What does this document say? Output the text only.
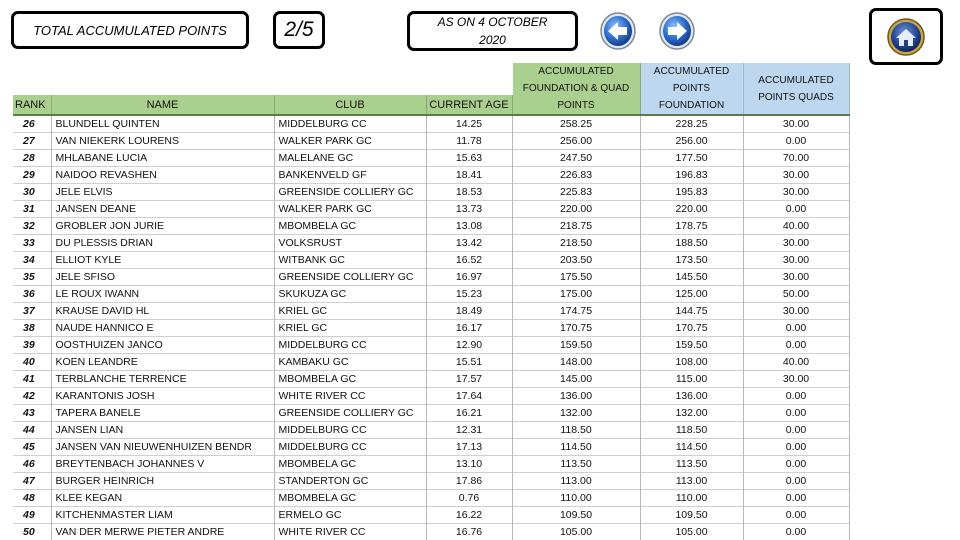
TOTAL ACCUMULATED POINTS	2/5	AS ON 4 OCTOBER
2020
				ACCUMULATED FOUNDATION & QUAD POINTS	ACCUMULATED POINTS FOUNDATION	ACCUMULATED POINTS QUADS
RANK	NAME	CLUB	CURRENT AGE			
26	BLUNDELL QUINTEN	MIDDELBURG CC	14.25	258.25	228.25	30.00
27	VAN NIEKERK LOURENS	WALKER PARK GC	11.78	256.00	256.00	0.00
28	MHLABANE LUCIA	MALELANE GC	15.63	247.50	177.50	70.00
29	NAIDOO REVASHEN	BANKENVELD GF	18.41	226.83	196.83	30.00
30	JELE ELVIS	GREENSIDE COLLIERY GC	18.53	225.83	195.83	30.00
31	JANSEN DEANE	WALKER PARK GC	13.73	220.00	220.00	0.00
32	GROBLER JON JURIE	MBOMBELA GC	13.08	218.75	178.75	40.00
33	DU PLESSIS DRIAN	VOLKSRUST	13.42	218.50	188.50	30.00
34	ELLIOT KYLE	WITBANK GC	16.52	203.50	173.50	30.00
35	JELE SFISO	GREENSIDE COLLIERY GC	16.97	175.50	145.50	30.00
36	LE ROUX IWANN	SKUKUZA GC	15.23	175.00	125.00	50.00
37	KRAUSE DAVID HL	KRIEL GC	18.49	174.75	144.75	30.00
38	NAUDE HANNICO E	KRIEL GC	16.17	170.75	170.75	0.00
39	OOSTHUIZEN JANCO	MIDDELBURG CC	12.90	159.50	159.50	0.00
40	KOEN LEANDRE	KAMBAKU GC	15.51	148.00	108.00	40.00
41	TERBLANCHE TERRENCE	MBOMBELA GC	17.57	145.00	115.00	30.00
42	KARANTONIS JOSH	WHITE RIVER CC	17.64	136.00	136.00	0.00
43	TAPERA BANELE	GREENSIDE COLLIERY GC	16.21	132.00	132.00	0.00
44	JANSEN LIAN	MIDDELBURG CC	12.31	118.50	118.50	0.00
45	JANSEN VAN NIEUWENHUIZEN BENDR	MIDDELBURG CC	17.13	114.50	114.50	0.00
46	BREYTENBACH JOHANNES V	MBOMBELA GC	13.10	113.50	113.50	0.00
47	BURGER HEINRICH	STANDERTON GC	17.86	113.00	113.00	0.00
48	KLEE KEGAN	MBOMBELA GC	0.76	110.00	110.00	0.00
49	KITCHENMASTER LIAM	ERMELO GC	16.22	109.50	109.50	0.00
50	VAN DER MERWE PIETER ANDRE	WHITE RIVER CC	16.76	105.00	105.00	0.00
